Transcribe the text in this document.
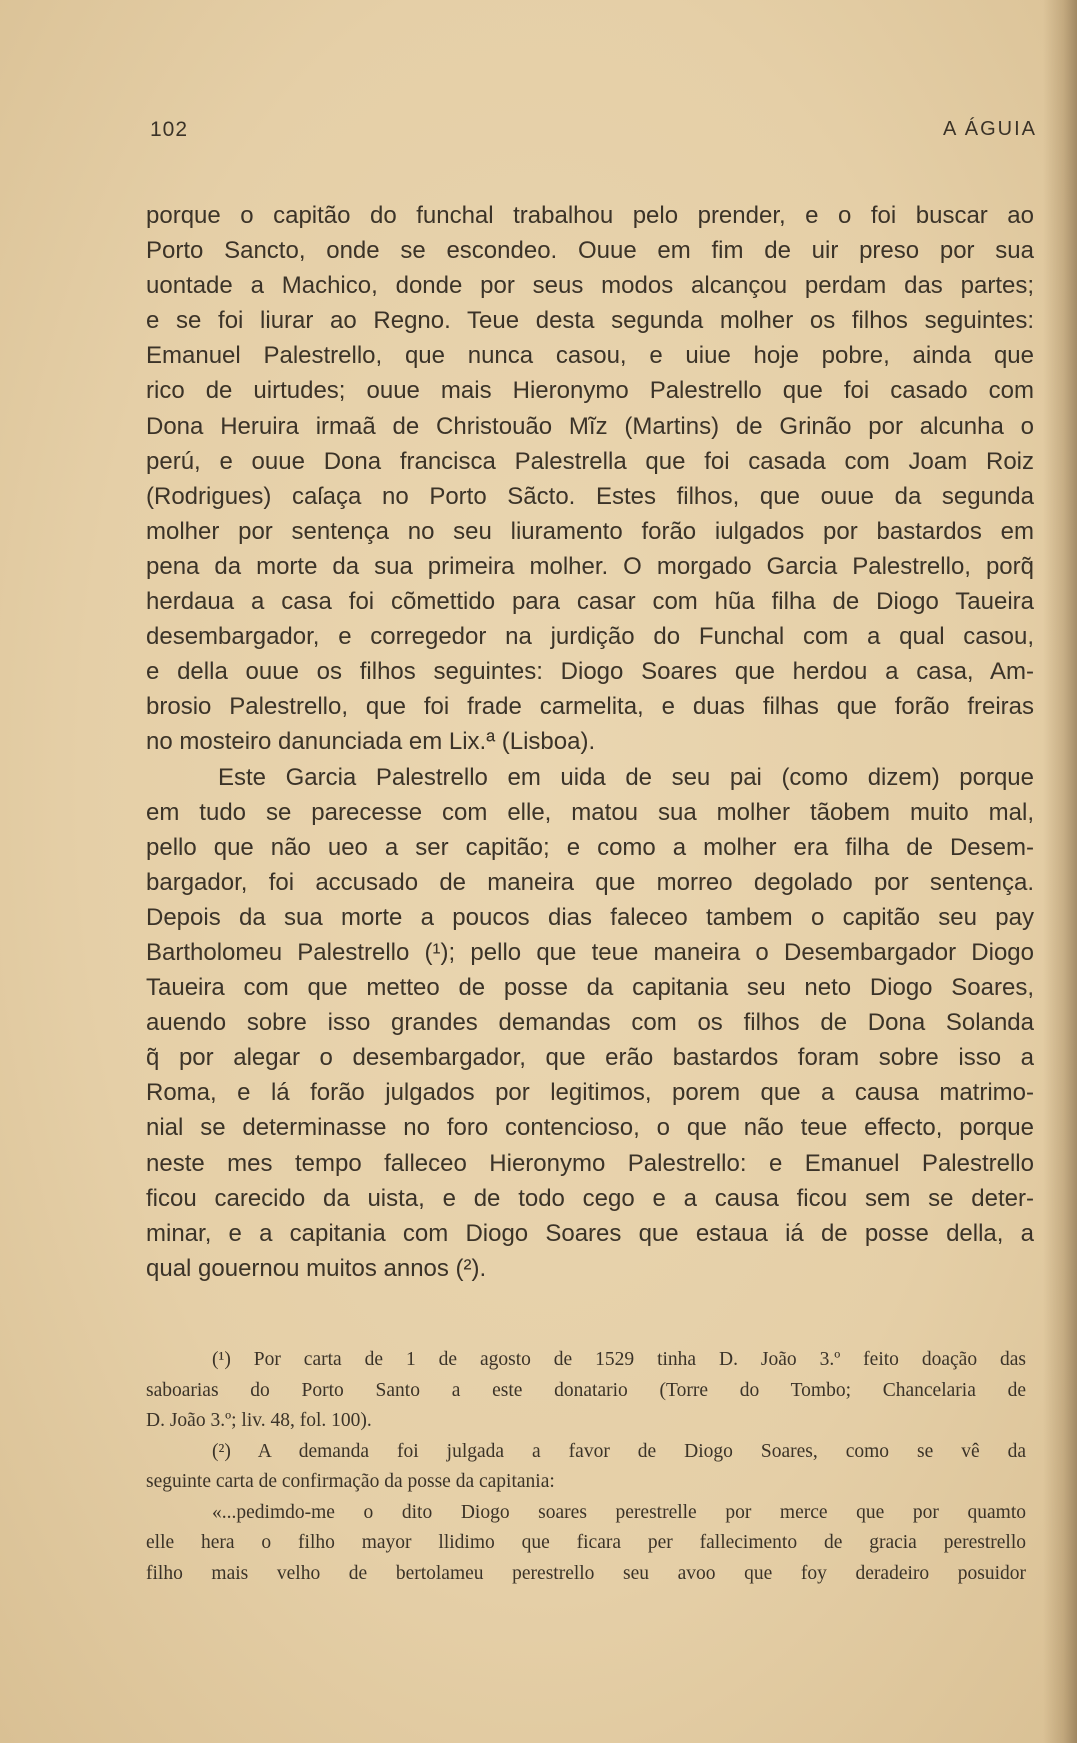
102	A ÁGUIA
porque o capitão do funchal trabalhou pelo prender, e o foi buscar ao
Porto Sancto, onde se escondeo. Ouue em fim de uir preso por sua
uontade a Machico, donde por seus modos alcançou perdam das partes;
e se foi liurar ao Regno. Teue desta segunda molher os filhos seguintes:
Emanuel Palestrello, que nunca casou, e uiue hoje pobre, ainda que
rico de uirtudes; ouue mais Hieronymo Palestrello que foi casado com
Dona Heruira irmaã de Christouão Mĩz (Martins) de Grinão por alcunha o
perú, e ouue Dona francisca Palestrella que foi casada com Joam Roiz
(Rodrigues) caſaça no Porto Sãcto. Estes filhos, que ouue da segunda
molher por sentença no seu liuramento forão iulgados por bastardos em
pena da morte da sua primeira molher. O morgado Garcia Palestrello, porq̃
herdaua a casa foi cõmettido para casar com hũa filha de Diogo Taueira
desembargador, e corregedor na jurdição do Funchal com a qual casou,
e della ouue os filhos seguintes: Diogo Soares que herdou a casa, Am-
brosio Palestrello, que foi frade carmelita, e duas filhas que forão freiras
no mosteiro danunciada em Lix.ª (Lisboa).
Este Garcia Palestrello em uida de seu pai (como dizem) porque
em tudo se parecesse com elle, matou sua molher tãobem muito mal,
pello que não ueo a ser capitão; e como a molher era filha de Desem-
bargador, foi accusado de maneira que morreo degolado por sentença.
Depois da sua morte a poucos dias faleceo tambem o capitão seu pay
Bartholomeu Palestrello (¹); pello que teue maneira o Desembargador Diogo
Taueira com que metteo de posse da capitania seu neto Diogo Soares,
auendo sobre isso grandes demandas com os filhos de Dona Solanda
q̃ por alegar o desembargador, que erão bastardos foram sobre isso a
Roma, e lá forão julgados por legitimos, porem que a causa matrimo-
nial se determinasse no foro contencioso, o que não teue effecto, porque
neste mes tempo falleceo Hieronymo Palestrello: e Emanuel Palestrello
ficou carecido da uista, e de todo cego e a causa ficou sem se deter-
minar, e a capitania com Diogo Soares que estaua iá de posse della, a
qual gouernou muitos annos (²).
(¹) Por carta de 1 de agosto de 1529 tinha D. João 3.º feito doação das
saboarias do Porto Santo a este donatario (Torre do Tombo; Chancelaria de
D. João 3.º; liv. 48, fol. 100).
(²) A demanda foi julgada a favor de Diogo Soares, como se vê da
seguinte carta de confirmação da posse da capitania:
«...pedimdo-me o dito Diogo soares perestrelle por merce que por quamto
elle hera o filho mayor llidimo que ficara per fallecimento de gracia perestrello
filho mais velho de bertolameu perestrello seu avoo que foy deradeiro posuidor
